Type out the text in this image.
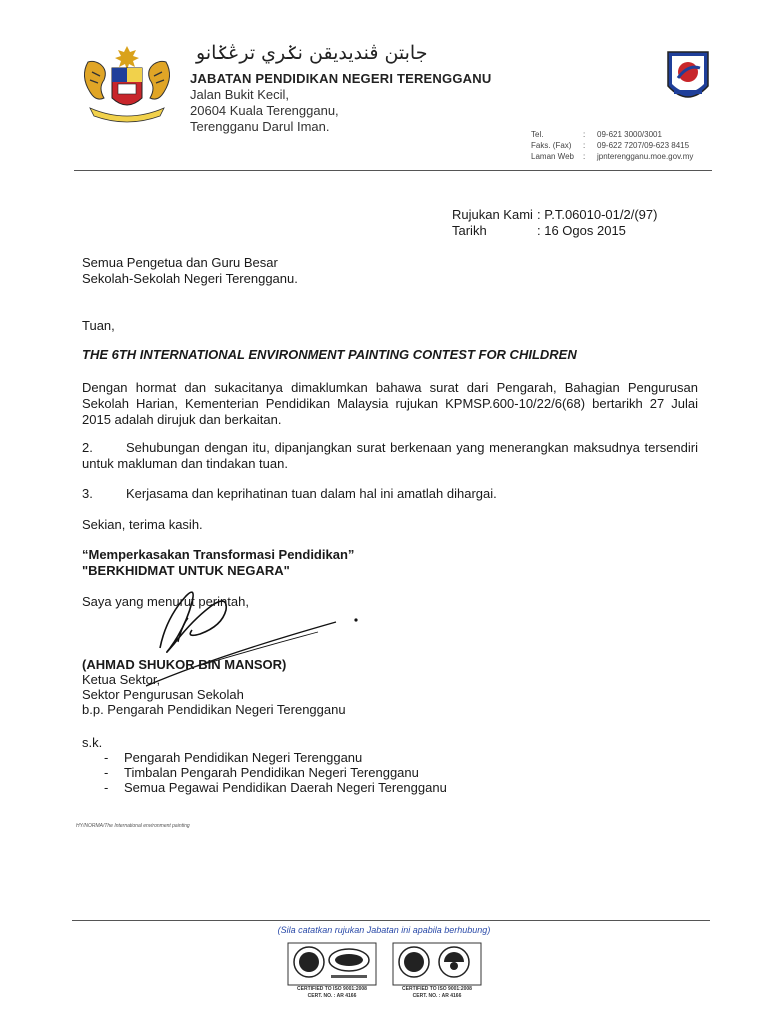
جابتن ڤنديديقن نݢري ترڠݢانو
JABATAN PENDIDIKAN NEGERI TERENGGANU
Jalan Bukit Kecil,
20604 Kuala Terengganu,
Terengganu Darul Iman.
Tel.	:	09-621 3000/3001
Faks. (Fax)	:	09-622 7207/09-623 8415
Laman Web	:	jpnterengganu.moe.gov.my
Rujukan Kami : P.T.06010-01/2/(97)
Tarikh	: 16 Ogos 2015
Semua Pengetua dan Guru Besar
Sekolah-Sekolah Negeri Terengganu.
Tuan,
THE 6TH INTERNATIONAL ENVIRONMENT PAINTING CONTEST FOR CHILDREN
Dengan hormat dan sukacitanya dimaklumkan bahawa surat dari Pengarah, Bahagian Pengurusan Sekolah Harian, Kementerian Pendidikan Malaysia rujukan KPMSP.600-10/22/6(68) bertarikh 27 Julai 2015 adalah dirujuk dan berkaitan.
2.	Sehubungan dengan itu, dipanjangkan surat berkenaan yang menerangkan maksudnya tersendiri untuk makluman dan tindakan tuan.
3.	Kerjasama dan keprihatinan tuan dalam hal ini amatlah dihargai.
Sekian, terima kasih.
“Memperkasakan Transformasi Pendidikan”
"BERKHIDMAT UNTUK NEGARA"
Saya yang menurut perintah,
(AHMAD SHUKOR BIN MANSOR)
Ketua Sektor,
Sektor Pengurusan Sekolah
b.p. Pengarah Pendidikan Negeri Terengganu
s.k.
-	Pengarah Pendidikan Negeri Terengganu
-	Timbalan Pengarah Pendidikan Negeri Terengganu
-	Semua Pegawai Pendidikan Daerah Negeri Terengganu
HY/NORMA/The International environment painting
(Sila catatkan rujukan Jabatan ini apabila berhubung)
CERTIFIED TO ISO 9001:2008
CERT. NO. : AR 4166
CERTIFIED TO ISO 9001:2008
CERT. NO. : AR 4166
